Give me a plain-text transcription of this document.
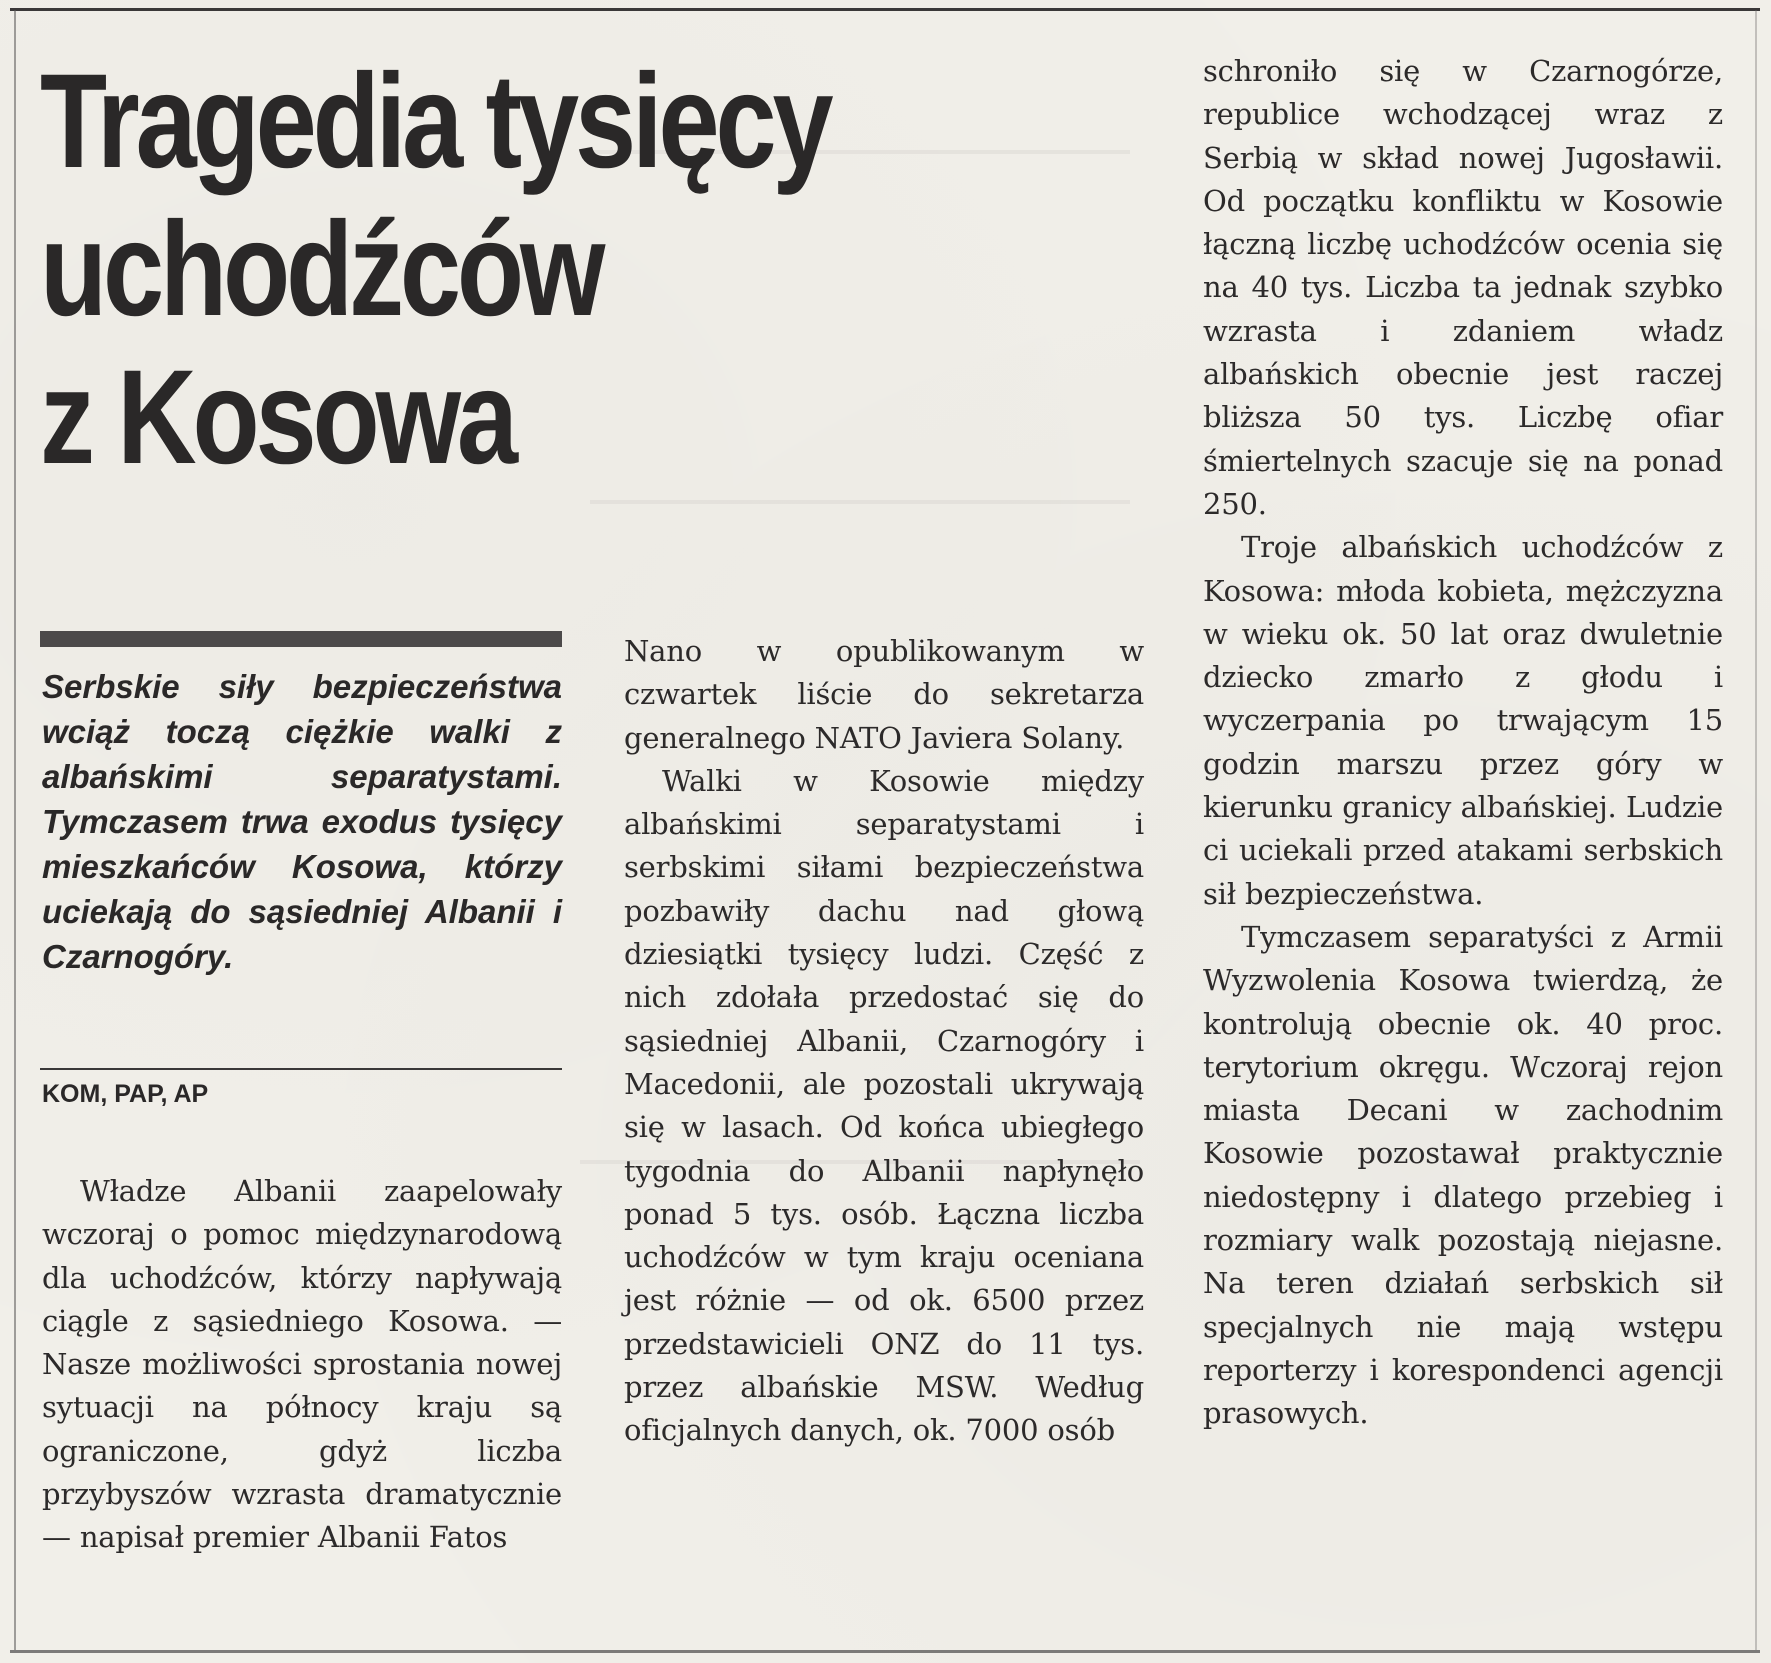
Tragedia tysięcy
uchodźców
z Kosowa

Serbskie siły bezpieczeństwa wciąż toczą ciężkie walki z albańskimi separatystami. Tymczasem trwa exodus tysięcy mieszkańców Kosowa, którzy uciekają do sąsiedniej Albanii i Czarnogóry.

KOM, PAP, AP

Władze Albanii zaapelowały wczoraj o pomoc międzynarodową dla uchodźców, którzy napływają ciągle z sąsiedniego Kosowa. — Nasze możliwości sprostania nowej sytuacji na północy kraju są ograniczone, gdyż liczba przybyszów wzrasta dramatycznie — napisał premier Albanii Fatos

Nano w opublikowanym w czwartek liście do sekretarza generalnego NATO Javiera Solany.

Walki w Kosowie między albańskimi separatystami i serbskimi siłami bezpieczeństwa pozbawiły dachu nad głową dziesiątki tysięcy ludzi. Część z nich zdołała przedostać się do sąsiedniej Albanii, Czarnogóry i Macedonii, ale pozostali ukrywają się w lasach. Od końca ubiegłego tygodnia do Albanii napłynęło ponad 5 tys. osób. Łączna liczba uchodźców w tym kraju oceniana jest różnie — od ok. 6500 przez przedstawicieli ONZ do 11 tys. przez albańskie MSW. Według oficjalnych danych, ok. 7000 osób

schroniło się w Czarnogórze, republice wchodzącej wraz z Serbią w skład nowej Jugosławii. Od początku konfliktu w Kosowie łączną liczbę uchodźców ocenia się na 40 tys. Liczba ta jednak szybko wzrasta i zdaniem władz albańskich obecnie jest raczej bliższa 50 tys. Liczbę ofiar śmiertelnych szacuje się na ponad 250.

Troje albańskich uchodźców z Kosowa: młoda kobieta, mężczyzna w wieku ok. 50 lat oraz dwuletnie dziecko zmarło z głodu i wyczerpania po trwającym 15 godzin marszu przez góry w kierunku granicy albańskiej. Ludzie ci uciekali przed atakami serbskich sił bezpieczeństwa.

Tymczasem separatyści z Armii Wyzwolenia Kosowa twierdzą, że kontrolują obecnie ok. 40 proc. terytorium okręgu. Wczoraj rejon miasta Decani w zachodnim Kosowie pozostawał praktycznie niedostępny i dlatego przebieg i rozmiary walk pozostają niejasne. Na teren działań serbskich sił specjalnych nie mają wstępu reporterzy i korespondenci agencji prasowych.
